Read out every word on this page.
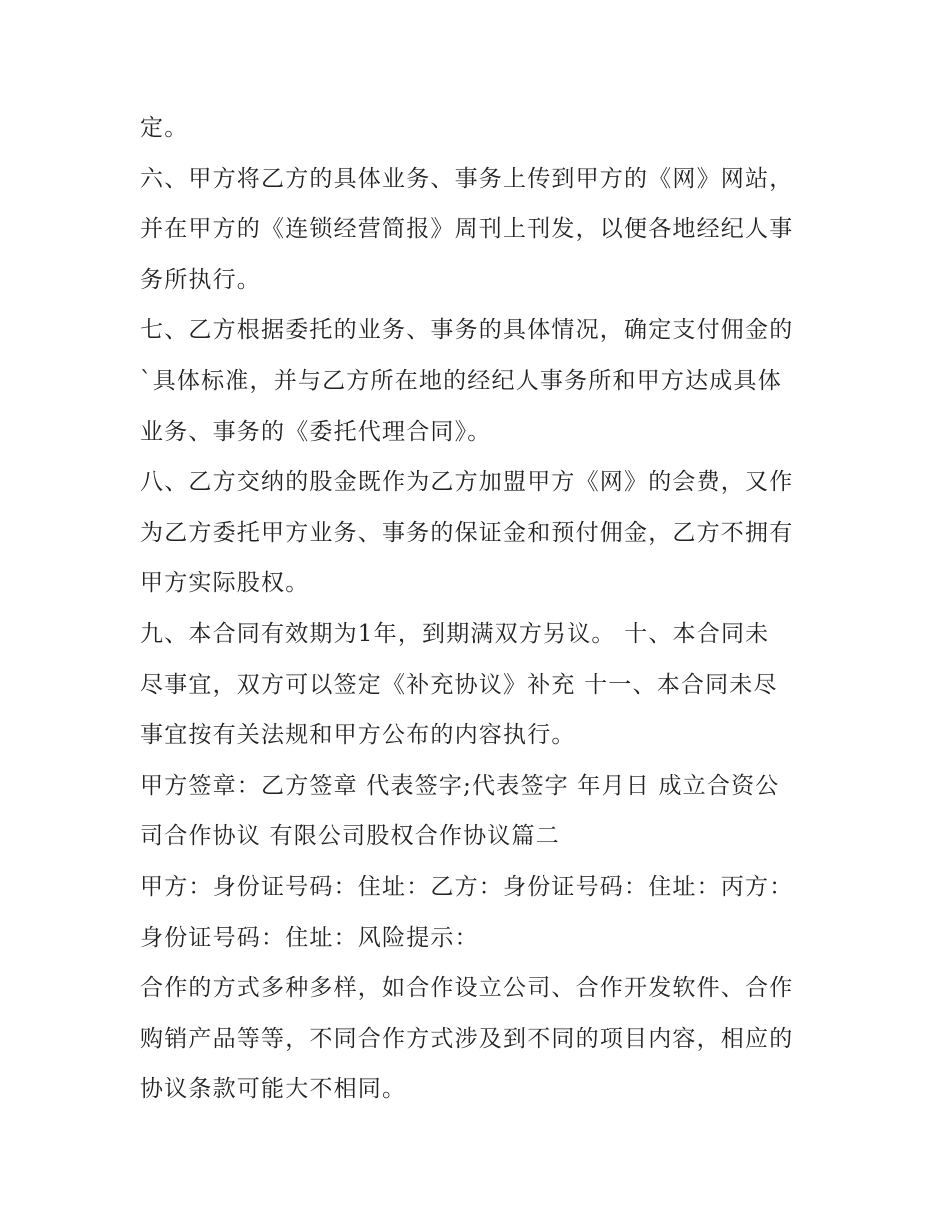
定。
六、甲方将乙方的具体业务、事务上传到甲方的《网》网站，
并在甲方的《连锁经营简报》周刊上刊发，以便各地经纪人事
务所执行。
七、乙方根据委托的业务、事务的具体情况，确定支付佣金的
`具体标准，并与乙方所在地的经纪人事务所和甲方达成具体
业务、事务的《委托代理合同》。
八、乙方交纳的股金既作为乙方加盟甲方《网》的会费，又作
为乙方委托甲方业务、事务的保证金和预付佣金，乙方不拥有
甲方实际股权。
九、本合同有效期为1年，到期满双方另议。 十、本合同未
尽事宜，双方可以签定《补充协议》补充 十一、本合同未尽
事宜按有关法规和甲方公布的内容执行。
甲方签章：乙方签章 代表签字;代表签字 年月日 成立合资公
司合作协议 有限公司股权合作协议篇二
甲方：身份证号码：住址：乙方：身份证号码：住址：丙方：
身份证号码：住址：风险提示：
合作的方式多种多样，如合作设立公司、合作开发软件、合作
购销产品等等，不同合作方式涉及到不同的项目内容，相应的
协议条款可能大不相同。
